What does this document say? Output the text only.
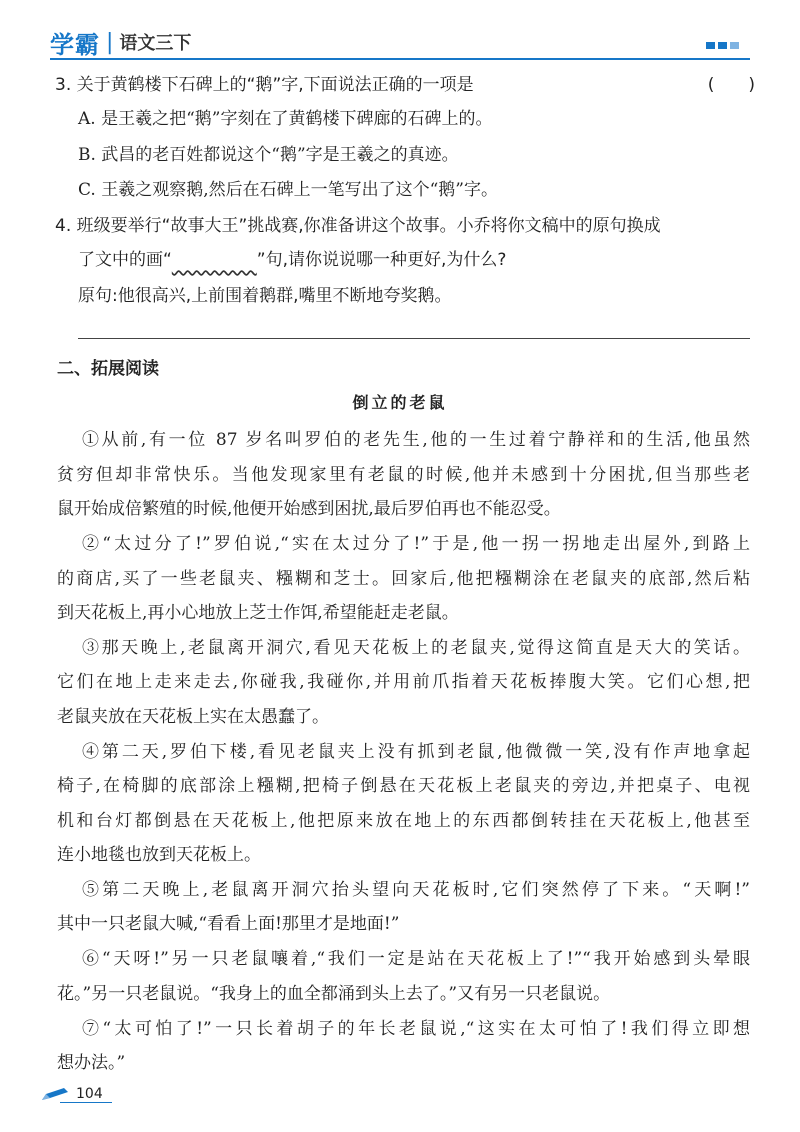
学霸 | 语文三下
3. 关于黄鹤楼下石碑上的“鹅”字,下面说法正确的一项是	(　　)
A. 是王羲之把“鹅”字刻在了黄鹤楼下碑廊的石碑上的。
B. 武昌的老百姓都说这个“鹅”字是王羲之的真迹。
C. 王羲之观察鹅,然后在石碑上一笔写出了这个“鹅”字。
4. 班级要举行“故事大王”挑战赛,你准备讲这个故事。小乔将你文稿中的原句换成
了文中的画“                       	”句,请你说说哪一种更好,为什么?
原句:他很高兴,上前围着鹅群,嘴里不断地夸奖鹅。
二、拓展阅读
倒立的老鼠
①从前,有一位 87 岁名叫罗伯的老先生,他的一生过着宁静祥和的生活,他虽然
贫穷但却非常快乐。当他发现家里有老鼠的时候,他并未感到十分困扰,但当那些老
鼠开始成倍繁殖的时候,他便开始感到困扰,最后罗伯再也不能忍受。
②“太过分了!”罗伯说,“实在太过分了!”于是,他一拐一拐地走出屋外,到路上
的商店,买了一些老鼠夹、糨糊和芝士。回家后,他把糨糊涂在老鼠夹的底部,然后粘
到天花板上,再小心地放上芝士作饵,希望能赶走老鼠。
③那天晚上,老鼠离开洞穴,看见天花板上的老鼠夹,觉得这简直是天大的笑话。
它们在地上走来走去,你碰我,我碰你,并用前爪指着天花板捧腹大笑。它们心想,把
老鼠夹放在天花板上实在太愚蠢了。
④第二天,罗伯下楼,看见老鼠夹上没有抓到老鼠,他微微一笑,没有作声地拿起
椅子,在椅脚的底部涂上糨糊,把椅子倒悬在天花板上老鼠夹的旁边,并把桌子、电视
机和台灯都倒悬在天花板上,他把原来放在地上的东西都倒转挂在天花板上,他甚至
连小地毯也放到天花板上。
⑤第二天晚上,老鼠离开洞穴抬头望向天花板时,它们突然停了下来。“天啊!”
其中一只老鼠大喊,“看看上面!那里才是地面!”
⑥“天呀!”另一只老鼠嚷着,“我们一定是站在天花板上了!”“我开始感到头晕眼
花。”另一只老鼠说。“我身上的血全都涌到头上去了。”又有另一只老鼠说。
⑦“太可怕了!”一只长着胡子的年长老鼠说,“这实在太可怕了!我们得立即想
想办法。”
104
